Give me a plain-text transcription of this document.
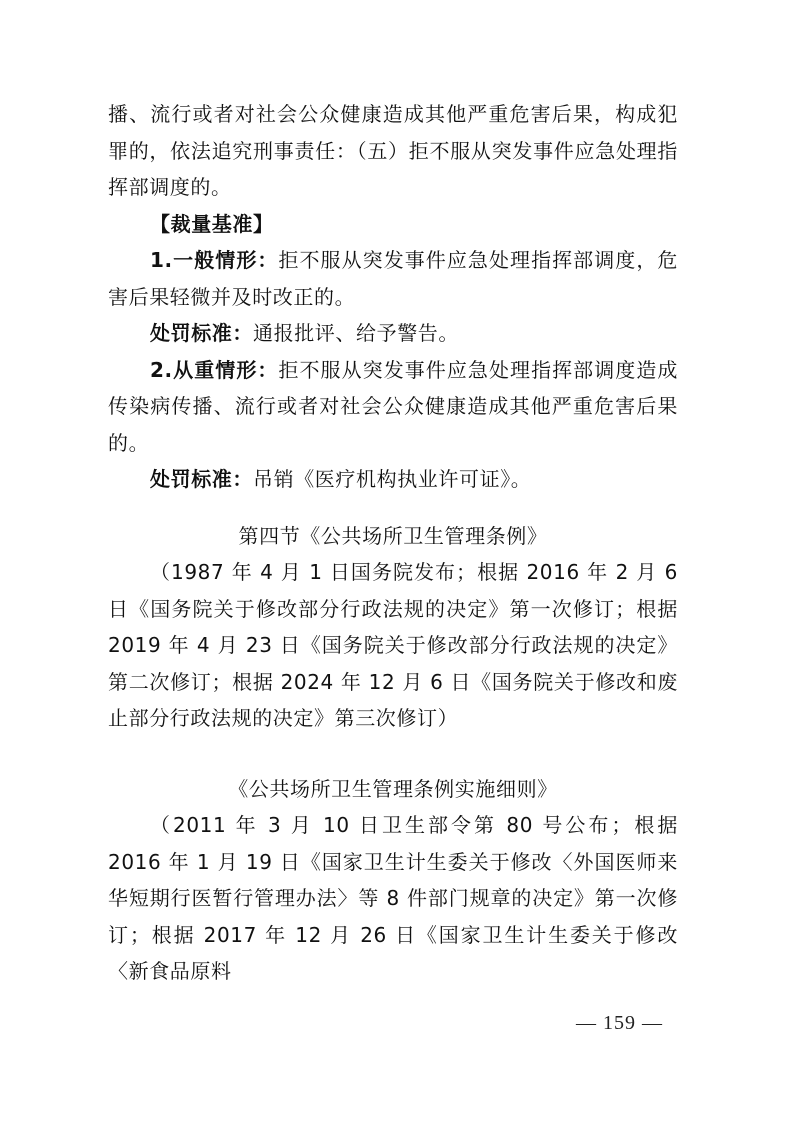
播、流行或者对社会公众健康造成其他严重危害后果，构成犯罪的，依法追究刑事责任：（五）拒不服从突发事件应急处理指挥部调度的。

【裁量基准】

1.一般情形：拒不服从突发事件应急处理指挥部调度，危害后果轻微并及时改正的。

处罚标准：通报批评、给予警告。

2.从重情形：拒不服从突发事件应急处理指挥部调度造成传染病传播、流行或者对社会公众健康造成其他严重危害后果的。

处罚标准：吊销《医疗机构执业许可证》。

第四节《公共场所卫生管理条例》

（1987 年 4 月 1 日国务院发布；根据 2016 年 2 月 6 日《国务院关于修改部分行政法规的决定》第一次修订；根据 2019 年 4 月 23 日《国务院关于修改部分行政法规的决定》第二次修订；根据 2024 年 12 月 6 日《国务院关于修改和废止部分行政法规的决定》第三次修订）

《公共场所卫生管理条例实施细则》

（2011 年 3 月 10 日卫生部令第 80 号公布；根据 2016 年 1 月 19 日《国家卫生计生委关于修改〈外国医师来华短期行医暂行管理办法〉等 8 件部门规章的决定》第一次修订；根据 2017 年 12 月 26 日《国家卫生计生委关于修改〈新食品原料

— 159 —
